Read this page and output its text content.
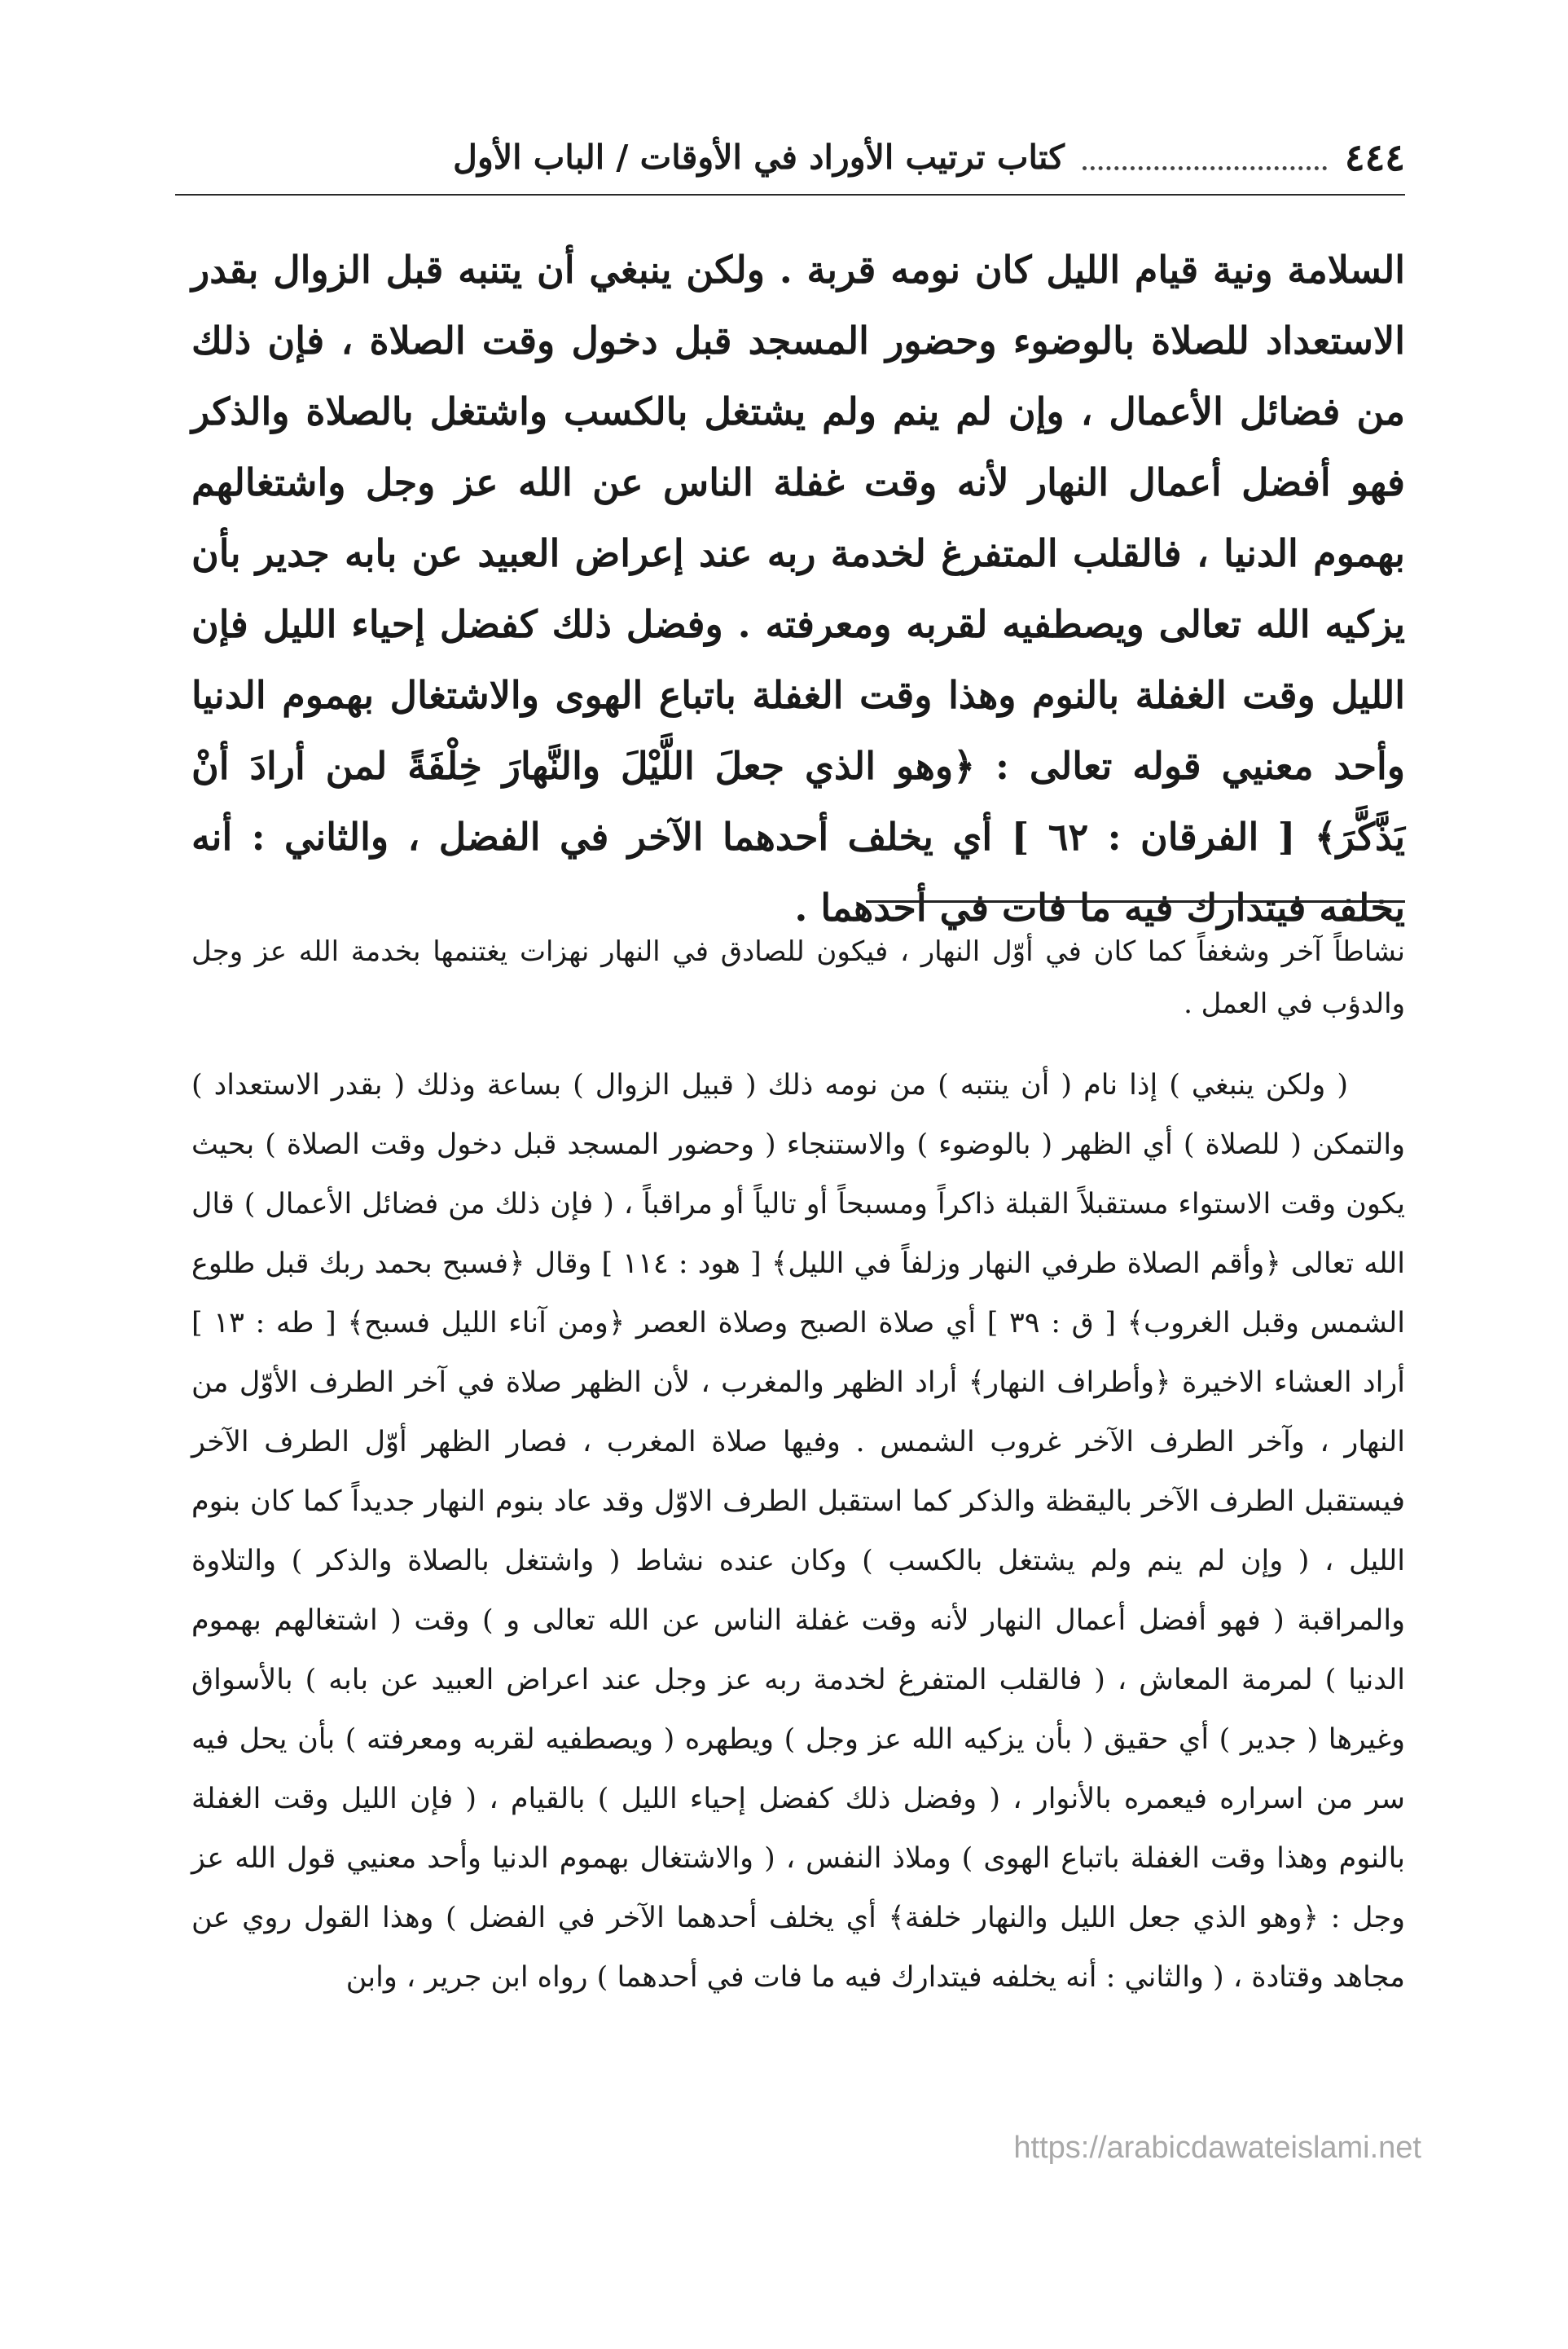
٤٤٤
كتاب ترتيب الأوراد في الأوقات / الباب الأول

السلامة ونية قيام الليل كان نومه قربة . ولكن ينبغي أن يتنبه قبل الزوال بقدر الاستعداد للصلاة بالوضوء وحضور المسجد قبل دخول وقت الصلاة ، فإن ذلك من فضائل الأعمال ، وإن لم ينم ولم يشتغل بالكسب واشتغل بالصلاة والذكر فهو أفضل أعمال النهار لأنه وقت غفلة الناس عن الله عز وجل واشتغالهم بهموم الدنيا ، فالقلب المتفرغ لخدمة ربه عند إعراض العبيد عن بابه جدير بأن يزكيه الله تعالى ويصطفيه لقربه ومعرفته . وفضل ذلك كفضل إحياء الليل فإن الليل وقت الغفلة بالنوم وهذا وقت الغفلة باتباع الهوى والاشتغال بهموم الدنيا وأحد معنيي قوله تعالى : ﴿وهو الذي جعلَ اللَّيْلَ والنَّهارَ خِلْفَةً لمن أرادَ أنْ يَذَّكَّرَ﴾ [ الفرقان : ٦٢ ] أي يخلف أحدهما الآخر في الفضل ، والثاني : أنه يخلفه فيتدارك فيه ما فات في أحدهما .

نشاطاً آخر وشغفاً كما كان في أوّل النهار ، فيكون للصادق في النهار نهزات يغتنمها بخدمة الله عز وجل والدؤب في العمل .

( ولكن ينبغي ) إذا نام ( أن ينتبه ) من نومه ذلك ( قبيل الزوال ) بساعة وذلك ( بقدر الاستعداد ) والتمكن ( للصلاة ) أي الظهر ( بالوضوء ) والاستنجاء ( وحضور المسجد قبل دخول وقت الصلاة ) بحيث يكون وقت الاستواء مستقبلاً القبلة ذاكراً ومسبحاً أو تالياً أو مراقباً ، ( فإن ذلك من فضائل الأعمال ) قال الله تعالى ﴿وأقم الصلاة طرفي النهار وزلفاً في الليل﴾ [ هود : ١١٤ ] وقال ﴿فسبح بحمد ربك قبل طلوع الشمس وقبل الغروب﴾ [ ق : ٣٩ ] أي صلاة الصبح وصلاة العصر ﴿ومن آناء الليل فسبح﴾ [ طه : ١٣ ] أراد العشاء الاخيرة ﴿وأطراف النهار﴾ أراد الظهر والمغرب ، لأن الظهر صلاة في آخر الطرف الأوّل من النهار ، وآخر الطرف الآخر غروب الشمس . وفيها صلاة المغرب ، فصار الظهر أوّل الطرف الآخر فيستقبل الطرف الآخر باليقظة والذكر كما استقبل الطرف الاوّل وقد عاد بنوم النهار جديداً كما كان بنوم الليل ، ( وإن لم ينم ولم يشتغل بالكسب ) وكان عنده نشاط ( واشتغل بالصلاة والذكر ) والتلاوة والمراقبة ( فهو أفضل أعمال النهار لأنه وقت غفلة الناس عن الله تعالى و ) وقت ( اشتغالهم بهموم الدنيا ) لمرمة المعاش ، ( فالقلب المتفرغ لخدمة ربه عز وجل عند اعراض العبيد عن بابه ) بالأسواق وغيرها ( جدير ) أي حقيق ( بأن يزكيه الله عز وجل ) ويطهره ( ويصطفيه لقربه ومعرفته ) بأن يحل فيه سر من اسراره فيعمره بالأنوار ، ( وفضل ذلك كفضل إحياء الليل ) بالقيام ، ( فإن الليل وقت الغفلة بالنوم وهذا وقت الغفلة باتباع الهوى ) وملاذ النفس ، ( والاشتغال بهموم الدنيا وأحد معنيي قول الله عز وجل : ﴿وهو الذي جعل الليل والنهار خلفة﴾ أي يخلف أحدهما الآخر في الفضل ) وهذا القول روي عن مجاهد وقتادة ، ( والثاني : أنه يخلفه فيتدارك فيه ما فات في أحدهما ) رواه ابن جرير ، وابن

https://arabicdawateislami.net
